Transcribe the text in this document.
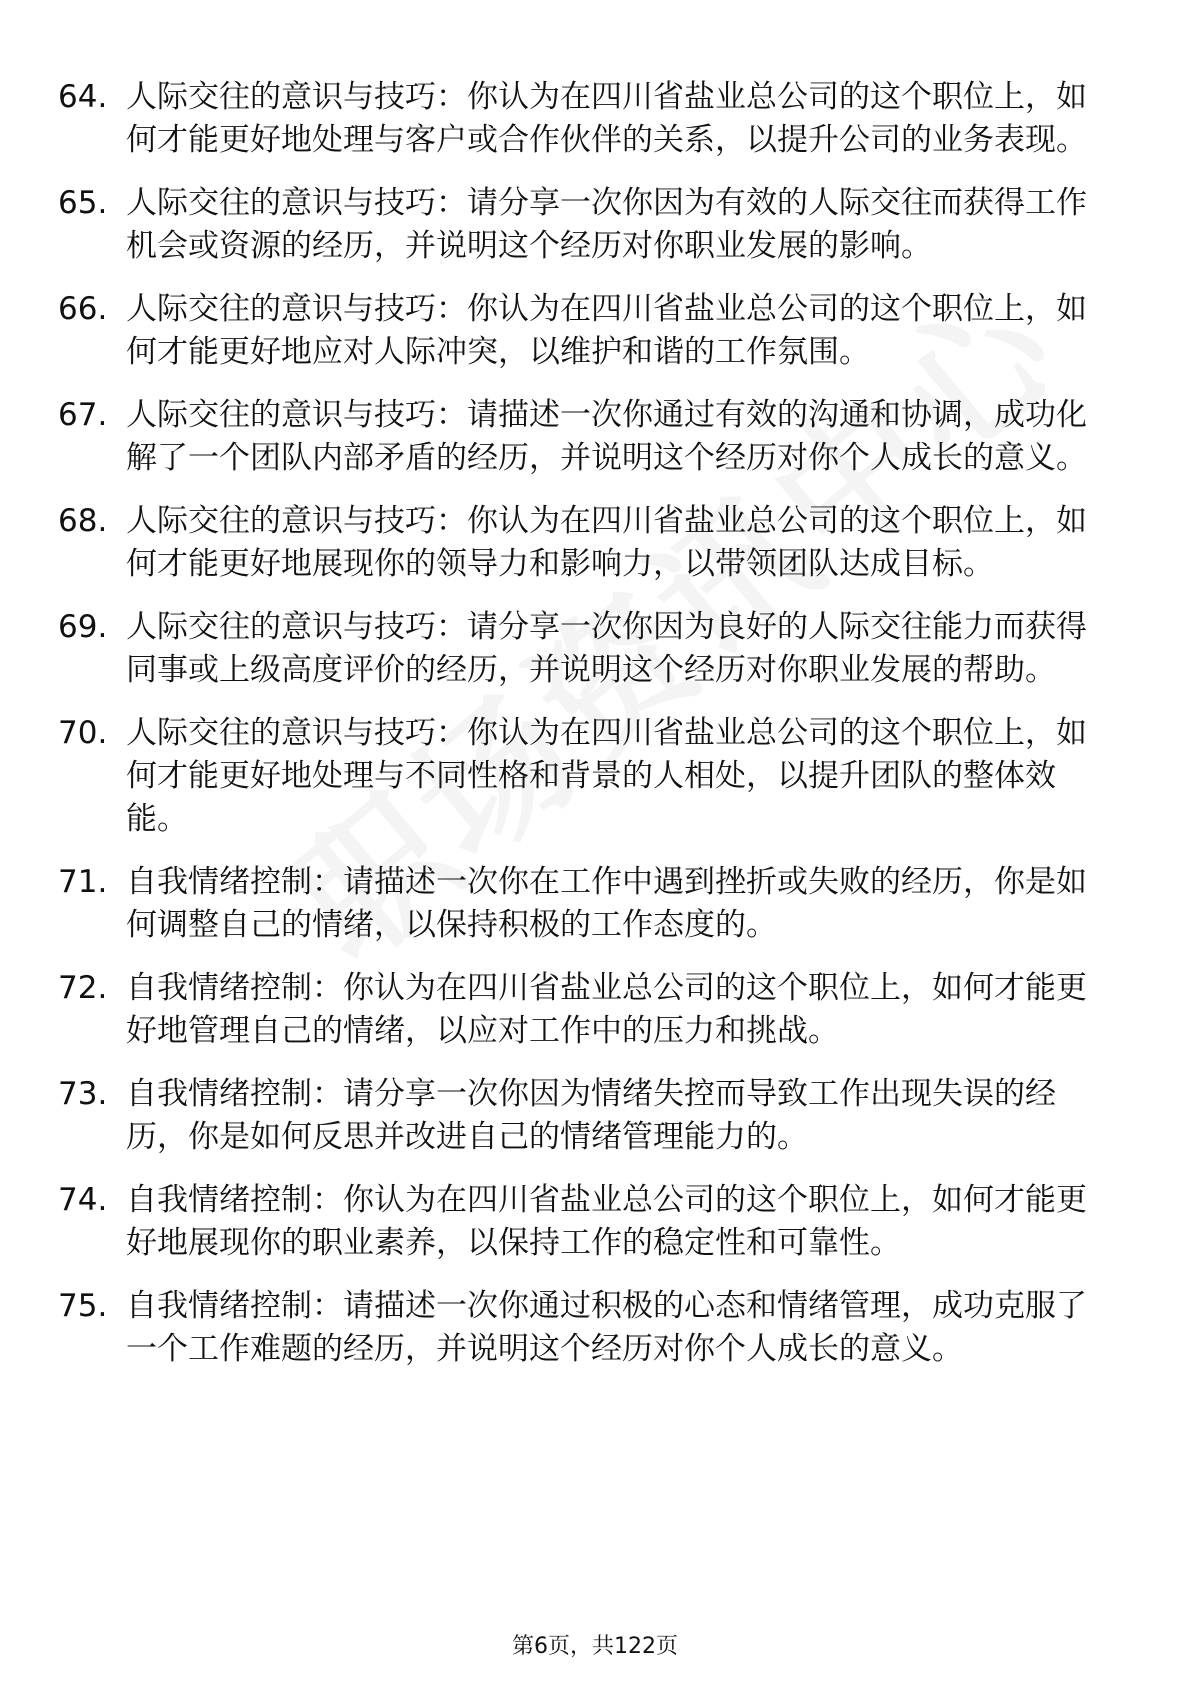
64. 人际交往的意识与技巧：你认为在四川省盐业总公司的这个职位上，如何才能更好地处理与客户或合作伙伴的关系，以提升公司的业务表现。
65. 人际交往的意识与技巧：请分享一次你因为有效的人际交往而获得工作机会或资源的经历，并说明这个经历对你职业发展的影响。
66. 人际交往的意识与技巧：你认为在四川省盐业总公司的这个职位上，如何才能更好地应对人际冲突，以维护和谐的工作氛围。
67. 人际交往的意识与技巧：请描述一次你通过有效的沟通和协调，成功化解了一个团队内部矛盾的经历，并说明这个经历对你个人成长的意义。
68. 人际交往的意识与技巧：你认为在四川省盐业总公司的这个职位上，如何才能更好地展现你的领导力和影响力，以带领团队达成目标。
69. 人际交往的意识与技巧：请分享一次你因为良好的人际交往能力而获得同事或上级高度评价的经历，并说明这个经历对你职业发展的帮助。
70. 人际交往的意识与技巧：你认为在四川省盐业总公司的这个职位上，如何才能更好地处理与不同性格和背景的人相处，以提升团队的整体效能。
71. 自我情绪控制：请描述一次你在工作中遇到挫折或失败的经历，你是如何调整自己的情绪，以保持积极的工作态度的。
72. 自我情绪控制：你认为在四川省盐业总公司的这个职位上，如何才能更好地管理自己的情绪，以应对工作中的压力和挑战。
73. 自我情绪控制：请分享一次你因为情绪失控而导致工作出现失误的经历，你是如何反思并改进自己的情绪管理能力的。
74. 自我情绪控制：你认为在四川省盐业总公司的这个职位上，如何才能更好地展现你的职业素养，以保持工作的稳定性和可靠性。
75. 自我情绪控制：请描述一次你通过积极的心态和情绪管理，成功克服了一个工作难题的经历，并说明这个经历对你个人成长的意义。
第6页，共122页
